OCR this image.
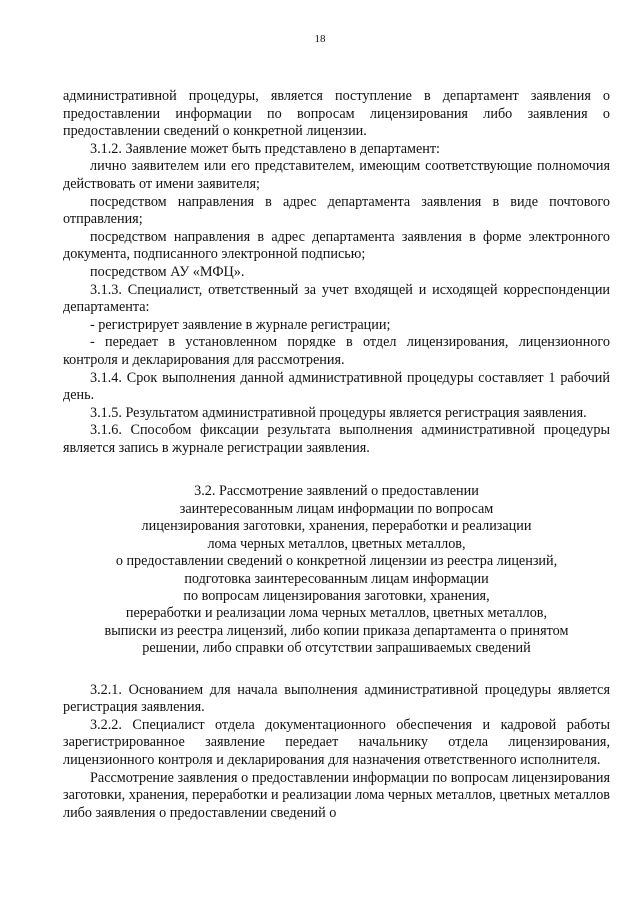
18

административной процедуры, является поступление в департамент заявления о предоставлении информации по вопросам лицензирования либо заявления о предоставлении сведений о конкретной лицензии.

3.1.2. Заявление может быть представлено в департамент:

лично заявителем или его представителем, имеющим соответствующие полномочия действовать от имени заявителя;

посредством направления в адрес департамента заявления в виде почтового отправления;

посредством направления в адрес департамента заявления в форме электронного документа, подписанного электронной подписью;

посредством АУ «МФЦ».

3.1.3. Специалист, ответственный за учет входящей и исходящей корреспонденции департамента:

- регистрирует заявление в журнале регистрации;

- передает в установленном порядке в отдел лицензирования, лицензионного контроля и декларирования для рассмотрения.

3.1.4. Срок выполнения данной административной процедуры составляет 1 рабочий день.

3.1.5. Результатом административной процедуры является регистрация заявления.

3.1.6. Способом фиксации результата выполнения административной процедуры является запись в журнале регистрации заявления.

3.2. Рассмотрение заявлений о предоставлении
заинтересованным лицам информации по вопросам
лицензирования заготовки, хранения, переработки и реализации
лома черных металлов, цветных металлов,
о предоставлении сведений о конкретной лицензии из реестра лицензий,
подготовка заинтересованным лицам информации
по вопросам лицензирования заготовки, хранения,
переработки и реализации лома черных металлов, цветных металлов,
выписки из реестра лицензий, либо копии приказа департамента о принятом
решении, либо справки об отсутствии запрашиваемых сведений

3.2.1. Основанием для начала выполнения административной процедуры является регистрация заявления.

3.2.2. Специалист отдела документационного обеспечения и кадровой работы зарегистрированное заявление передает начальнику отдела лицензирования, лицензионного контроля и декларирования для назначения ответственного исполнителя.

Рассмотрение заявления о предоставлении информации по вопросам лицензирования заготовки, хранения, переработки и реализации лома черных металлов, цветных металлов либо заявления о предоставлении сведений о
